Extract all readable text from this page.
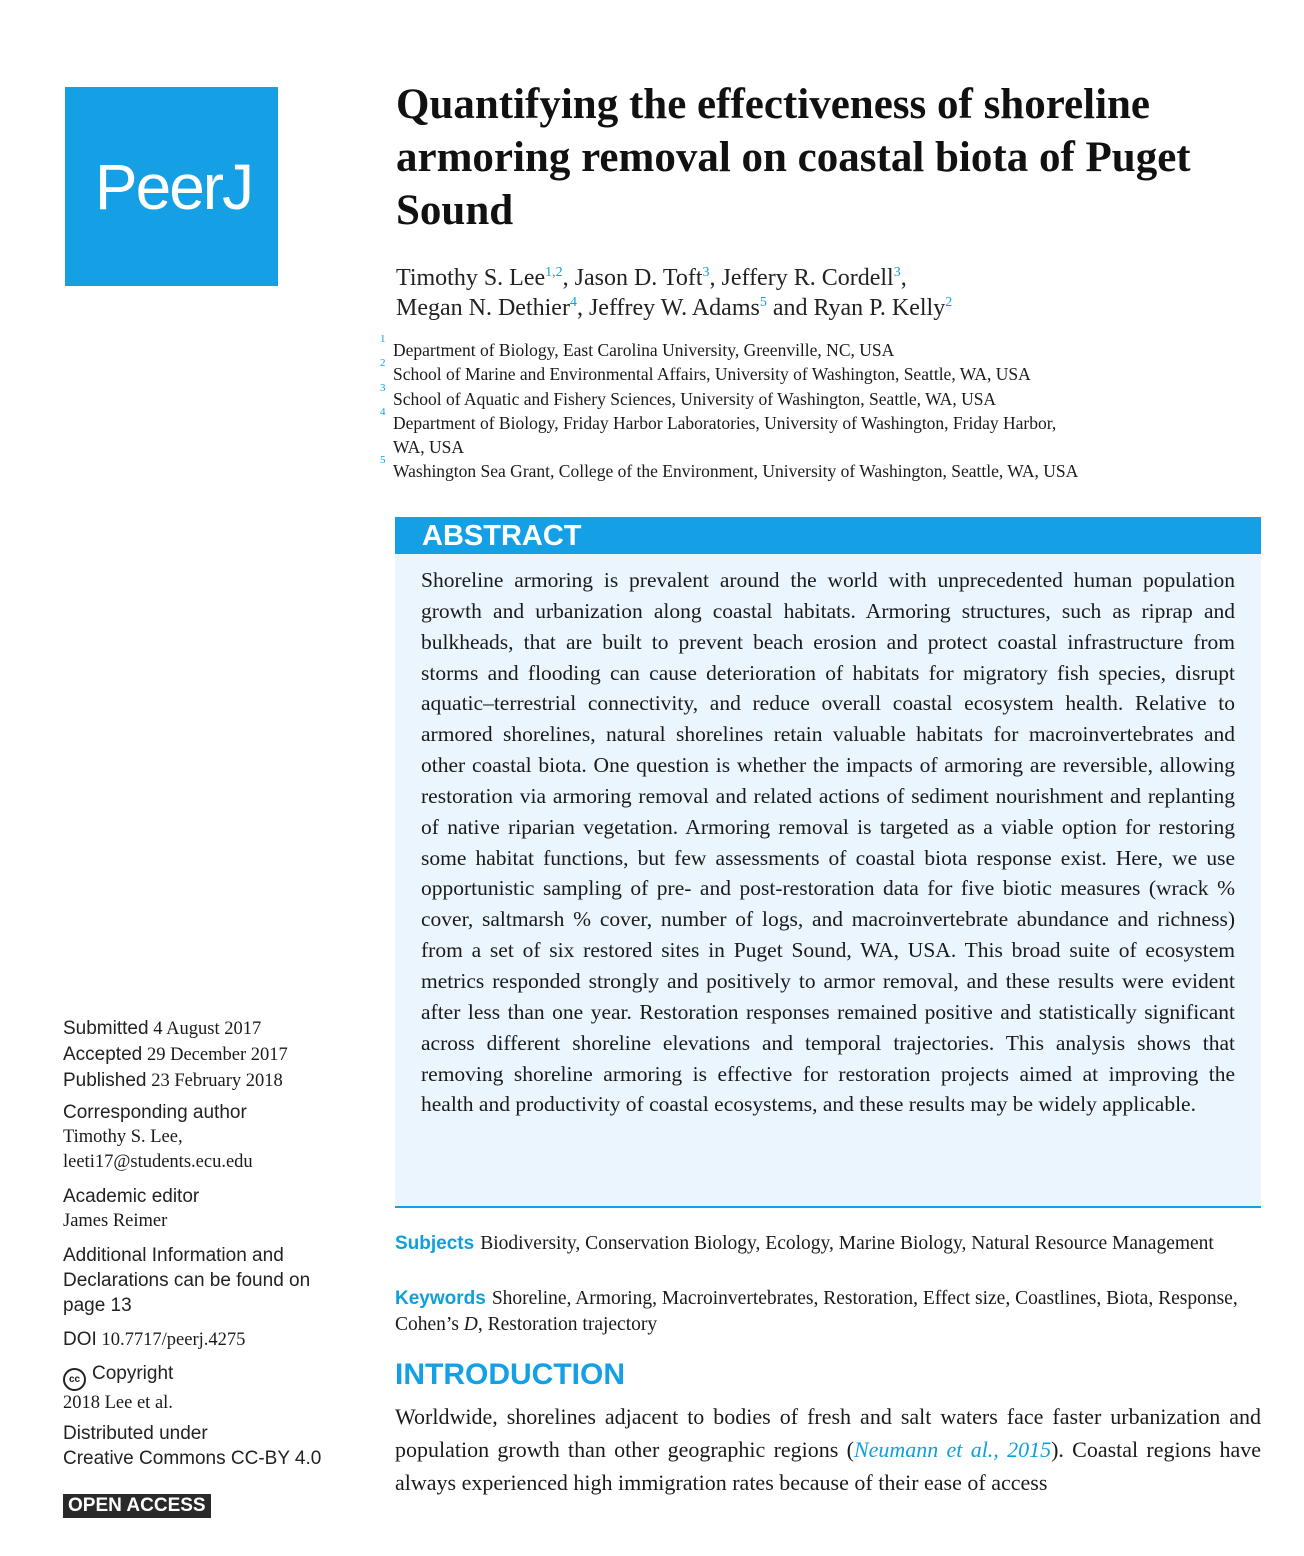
PeerJ
Quantifying the effectiveness of shoreline armoring removal on coastal biota of Puget Sound
Timothy S. Lee$^{1,2}$, Jason D. Toft$^3$, Jeffery R. Cordell$^3$,
Megan N. Dethier$^4$, Jeffrey W. Adams$^5$ and Ryan P. Kelly$^2$
1
Department of Biology, East Carolina University, Greenville, NC, USA
2
School of Marine and Environmental Affairs, University of Washington, Seattle, WA, USA
3
School of Aquatic and Fishery Sciences, University of Washington, Seattle, WA, USA
4
Department of Biology, Friday Harbor Laboratories, University of Washington, Friday Harbor,
WA, USA
5
Washington Sea Grant, College of the Environment, University of Washington, Seattle, WA, USA
ABSTRACT
Shoreline armoring is prevalent around the world with unprecedented human population growth and urbanization along coastal habitats. Armoring structures, such as riprap and bulkheads, that are built to prevent beach erosion and protect coastal infrastructure from storms and flooding can cause deterioration of habitats for migratory fish species, disrupt aquatic–terrestrial connectivity, and reduce overall coastal ecosystem health. Relative to armored shorelines, natural shorelines retain valuable habitats for macroinvertebrates and other coastal biota. One question is whether the impacts of armoring are reversible, allowing restoration via armoring removal and related actions of sediment nourishment and replanting of native riparian vegetation. Armoring removal is targeted as a viable option for restoring some habitat functions, but few assessments of coastal biota response exist. Here, we use opportunistic sampling of pre- and post-restoration data for five biotic measures (wrack % cover, saltmarsh % cover, number of logs, and macroinvertebrate abundance and richness) from a set of six restored sites in Puget Sound, WA, USA. This broad suite of ecosystem metrics responded strongly and positively to armor removal, and these results were evident after less than one year. Restoration responses remained positive and statistically significant across different shoreline elevations and temporal trajectories. This analysis shows that removing shoreline armoring is effective for restoration projects aimed at improving the health and productivity of coastal ecosystems, and these results may be widely applicable.
Subjects Biodiversity, Conservation Biology, Ecology, Marine Biology, Natural Resource Management
Keywords Shoreline, Armoring, Macroinvertebrates, Restoration, Effect size, Coastlines, Biota, Response, Cohen’s D, Restoration trajectory
INTRODUCTION
Worldwide, shorelines adjacent to bodies of fresh and salt waters face faster urbanization and population growth than other geographic regions (Neumann et al., 2015). Coastal regions have always experienced high immigration rates because of their ease of access
Submitted 4 August 2017
Accepted 29 December 2017
Published 23 February 2018
Corresponding author
Timothy S. Lee,
leeti17@students.ecu.edu
Academic editor
James Reimer
Additional Information and Declarations can be found on page 13
DOI 10.7717/peerj.4275
cc Copyright
2018 Lee et al.
Distributed under
Creative Commons CC-BY 4.0
OPEN ACCESS
